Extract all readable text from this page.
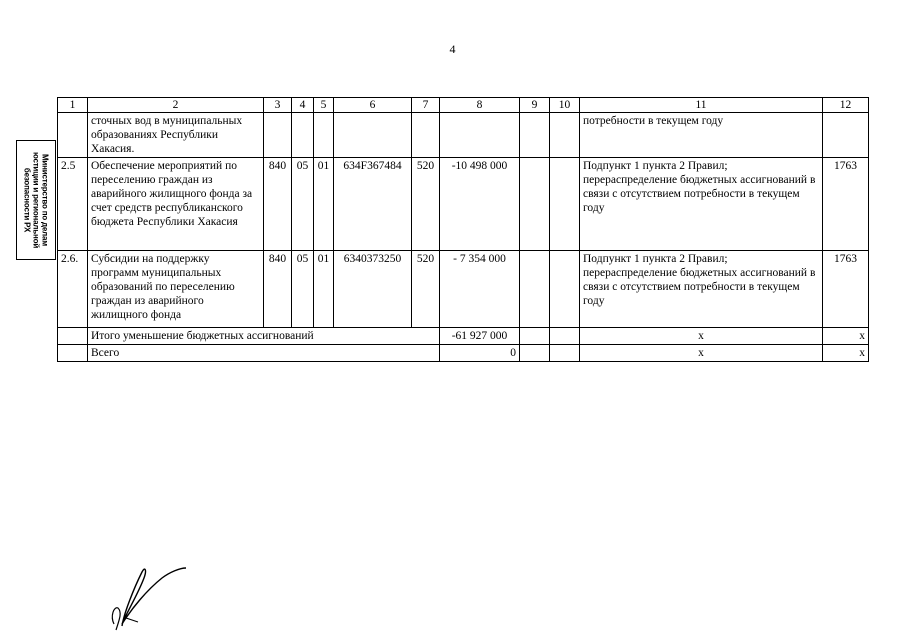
4
Министерство по делам юстиции и региональной безопасности РХ
1	2	3	4	5	6	7	8	9	10	11	12
	сточных вод в муниципальных образованиях Республики Хакасия.									потребности в текущем году	
2.5	Обеспечение мероприятий по переселению граждан из аварийного жилищного фонда за счет средств республиканского бюджета Республики Хакасия	840	05	01	634F367484	520	-10 498 000			Подпункт 1 пункта 2 Правил; перераспределение бюджетных ассигнований в связи с отсутствием потребности в текущем году	1763
2.6.	Субсидии на поддержку программ муниципальных образований по переселению граждан из аварийного жилищного фонда	840	05	01	6340373250	520	- 7 354 000			Подпункт 1 пункта 2 Правил; перераспределение бюджетных ассигнований в связи с отсутствием потребности в текущем году	1763
	Итого уменьшение бюджетных ассигнований						-61 927 000			х	х
	Всего						0			х	х
